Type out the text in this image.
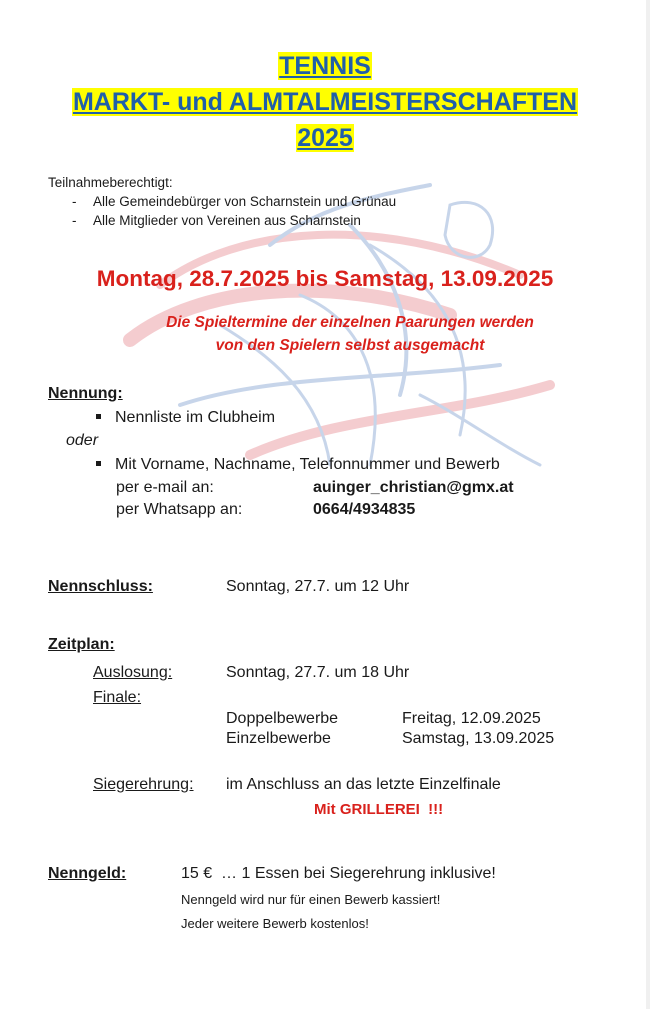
TENNIS
MARKT- und ALMTALMEISTERSCHAFTEN
2025
Teilnahmeberechtigt:
- Alle Gemeindebürger von Scharnstein und Grünau
- Alle Mitglieder von Vereinen aus Scharnstein
Montag, 28.7.2025 bis Samstag, 13.09.2025
Die Spieltermine der einzelnen Paarungen werden
von den Spielern selbst ausgemacht
Nennung:
Nennliste im Clubheim
oder
Mit Vorname, Nachname, Telefonnummer und Bewerb
per e-mail an:	auinger_christian@gmx.at
per Whatsapp an:	0664/4934835
Nennschluss:	Sonntag, 27.7. um 12 Uhr
Zeitplan:
Auslosung:	Sonntag, 27.7. um 18 Uhr
Finale:
Doppelbewerbe	Freitag, 12.09.2025
Einzelbewerbe	Samstag, 13.09.2025
Siegerehrung: im Anschluss an das letzte Einzelfinale
Mit GRILLEREI  !!!
Nenngeld:	15 €  … 1 Essen bei Siegerehrung inklusive!
Nenngeld wird nur für einen Bewerb kassiert!
Jeder weitere Bewerb kostenlos!
